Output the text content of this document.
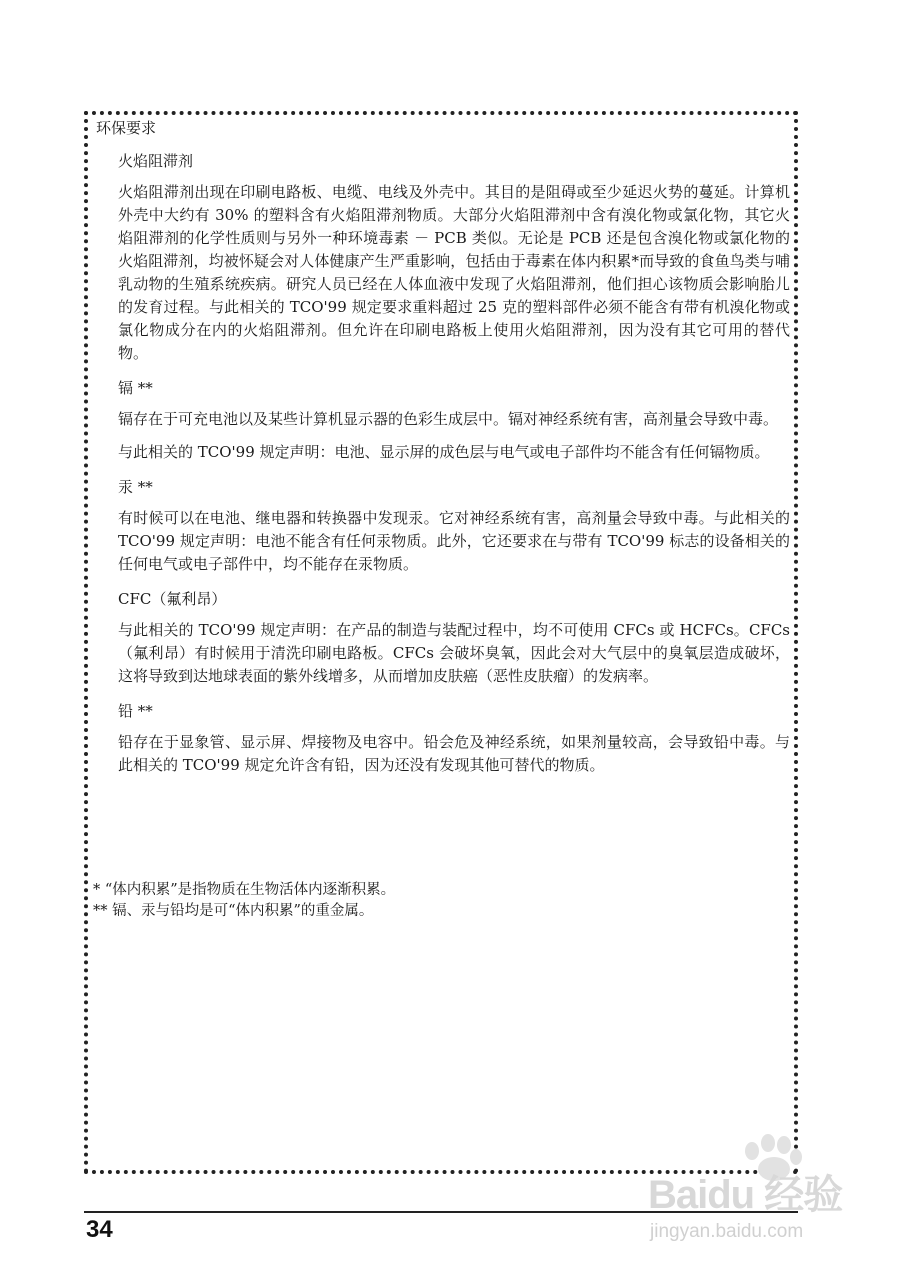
环保要求

火焰阻滞剂

火焰阻滞剂出现在印刷电路板、电缆、电线及外壳中。其目的是阻碍或至少延迟火势的蔓延。计算机外壳中大约有 30% 的塑料含有火焰阻滞剂物质。大部分火焰阻滞剂中含有溴化物或氯化物，其它火焰阻滞剂的化学性质则与另外一种环境毒素 － PCB 类似。无论是 PCB 还是包含溴化物或氯化物的火焰阻滞剂，均被怀疑会对人体健康产生严重影响，包括由于毒素在体内积累*而导致的食鱼鸟类与哺乳动物的生殖系统疾病。研究人员已经在人体血液中发现了火焰阻滞剂，他们担心该物质会影响胎儿的发育过程。与此相关的 TCO'99 规定要求重料超过 25 克的塑料部件必须不能含有带有机溴化物或氯化物成分在内的火焰阻滞剂。但允许在印刷电路板上使用火焰阻滞剂，因为没有其它可用的替代物。

镉 **

镉存在于可充电池以及某些计算机显示器的色彩生成层中。镉对神经系统有害，高剂量会导致中毒。

与此相关的 TCO'99 规定声明：电池、显示屏的成色层与电气或电子部件均不能含有任何镉物质。

汞 **

有时候可以在电池、继电器和转换器中发现汞。它对神经系统有害，高剂量会导致中毒。与此相关的 TCO'99 规定声明：电池不能含有任何汞物质。此外，它还要求在与带有 TCO'99 标志的设备相关的任何电气或电子部件中，均不能存在汞物质。

CFC（氟利昂）

与此相关的 TCO'99 规定声明：在产品的制造与装配过程中，均不可使用 CFCs 或 HCFCs。CFCs（氟利昂）有时候用于清洗印刷电路板。CFCs 会破坏臭氧，因此会对大气层中的臭氧层造成破坏，这将导致到达地球表面的紫外线增多，从而增加皮肤癌（恶性皮肤瘤）的发病率。

铅 **

铅存在于显象管、显示屏、焊接物及电容中。铅会危及神经系统，如果剂量较高，会导致铅中毒。与此相关的 TCO'99 规定允许含有铅，因为还没有发现其他可替代的物质。

* “体内积累”是指物质在生物活体内逐渐积累。

** 镉、汞与铅均是可“体内积累”的重金属。

34
Baidu 经验
jingyan.baidu.com
